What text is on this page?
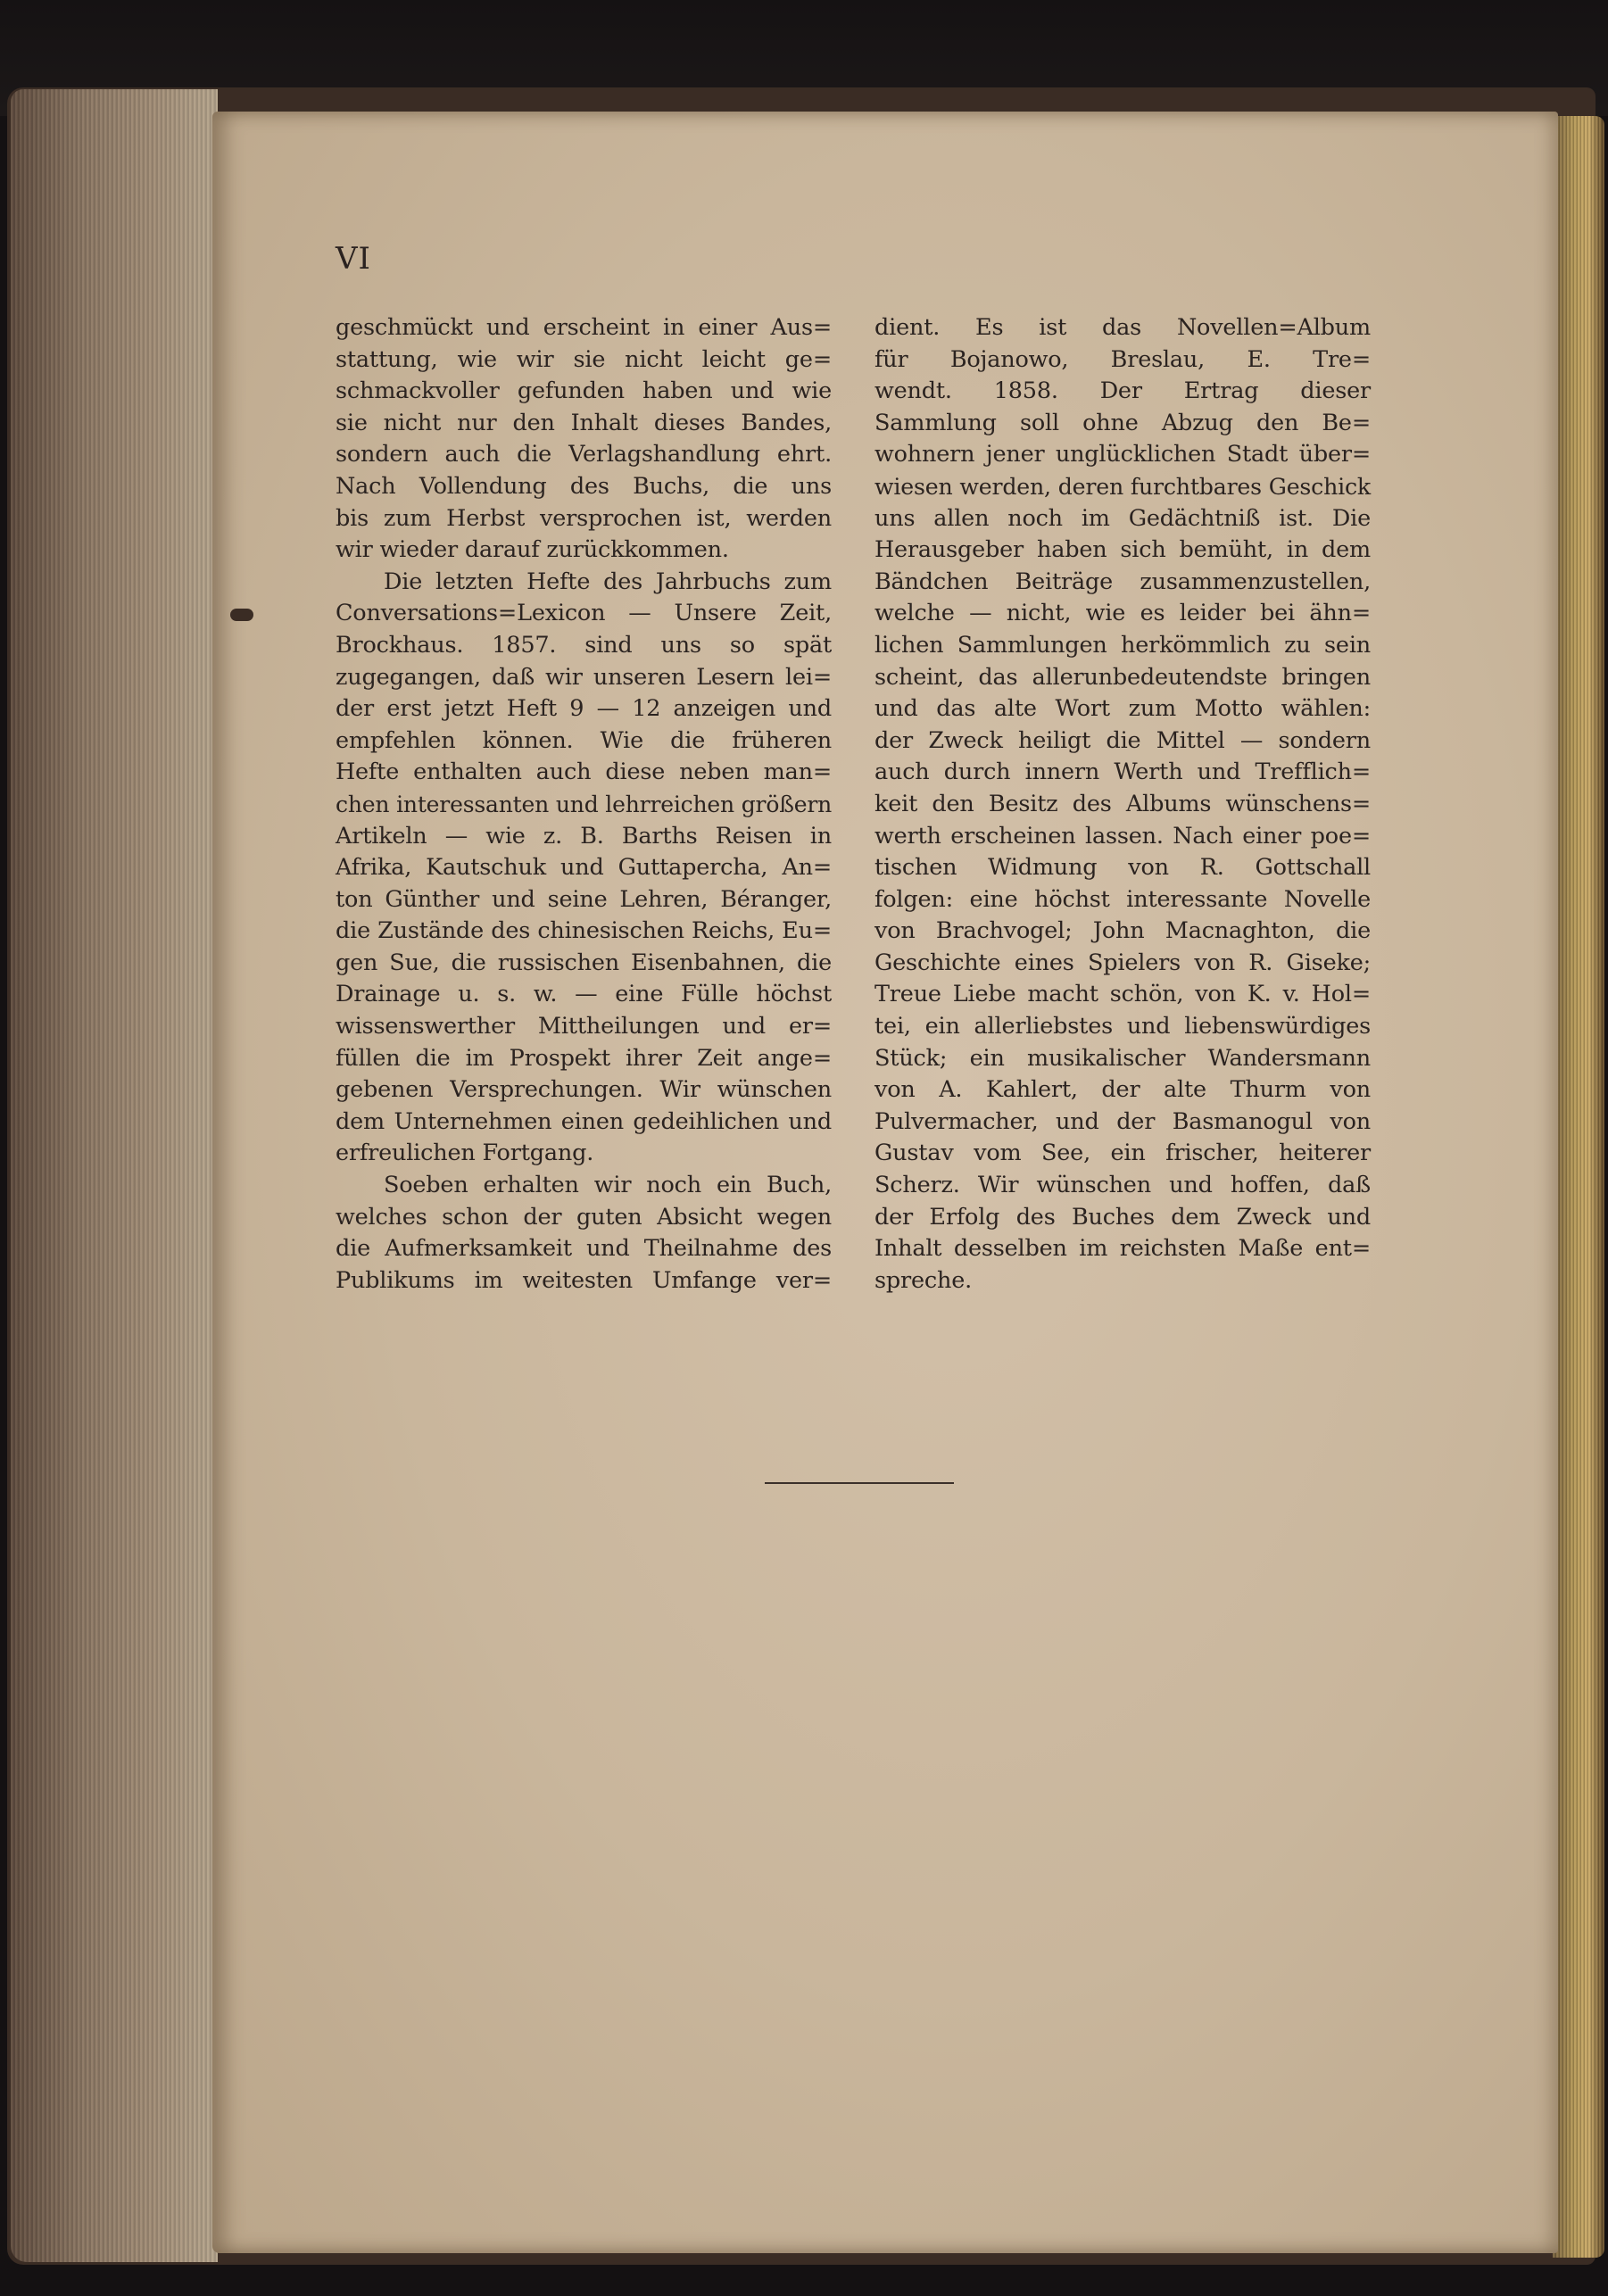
VI
geschmückt und erscheint in einer Aus=
stattung, wie wir sie nicht leicht ge=
schmackvoller gefunden haben und wie
sie nicht nur den Inhalt dieses Bandes,
sondern auch die Verlagshandlung ehrt.
Nach Vollendung des Buchs, die uns
bis zum Herbst versprochen ist, werden
wir wieder darauf zurückkommen.
Die letzten Hefte des Jahrbuchs zum
Conversations=Lexicon — Unsere Zeit,
Brockhaus. 1857. sind uns so spät
zugegangen, daß wir unseren Lesern lei=
der erst jetzt Heft 9 — 12 anzeigen und
empfehlen können. Wie die früheren
Hefte enthalten auch diese neben man=
chen interessanten und lehrreichen größern
Artikeln — wie z. B. Barths Reisen in
Afrika, Kautschuk und Guttapercha, An=
ton Günther und seine Lehren, Béranger,
die Zustände des chinesischen Reichs, Eu=
gen Sue, die russischen Eisenbahnen, die
Drainage u. s. w. — eine Fülle höchst
wissenswerther Mittheilungen und er=
füllen die im Prospekt ihrer Zeit ange=
gebenen Versprechungen. Wir wünschen
dem Unternehmen einen gedeihlichen und
erfreulichen Fortgang.
Soeben erhalten wir noch ein Buch,
welches schon der guten Absicht wegen
die Aufmerksamkeit und Theilnahme des
Publikums im weitesten Umfange ver=
dient. Es ist das Novellen=Album
für Bojanowo, Breslau, E. Tre=
wendt. 1858. Der Ertrag dieser
Sammlung soll ohne Abzug den Be=
wohnern jener unglücklichen Stadt über=
wiesen werden, deren furchtbares Geschick
uns allen noch im Gedächtniß ist. Die
Herausgeber haben sich bemüht, in dem
Bändchen Beiträge zusammenzustellen,
welche — nicht, wie es leider bei ähn=
lichen Sammlungen herkömmlich zu sein
scheint, das allerunbedeutendste bringen
und das alte Wort zum Motto wählen:
der Zweck heiligt die Mittel — sondern
auch durch innern Werth und Trefflich=
keit den Besitz des Albums wünschens=
werth erscheinen lassen. Nach einer poe=
tischen Widmung von R. Gottschall
folgen: eine höchst interessante Novelle
von Brachvogel; John Macnaghton, die
Geschichte eines Spielers von R. Giseke;
Treue Liebe macht schön, von K. v. Hol=
tei, ein allerliebstes und liebenswürdiges
Stück; ein musikalischer Wandersmann
von A. Kahlert, der alte Thurm von
Pulvermacher, und der Basmanogul von
Gustav vom See, ein frischer, heiterer
Scherz. Wir wünschen und hoffen, daß
der Erfolg des Buches dem Zweck und
Inhalt desselben im reichsten Maße ent=
spreche.
